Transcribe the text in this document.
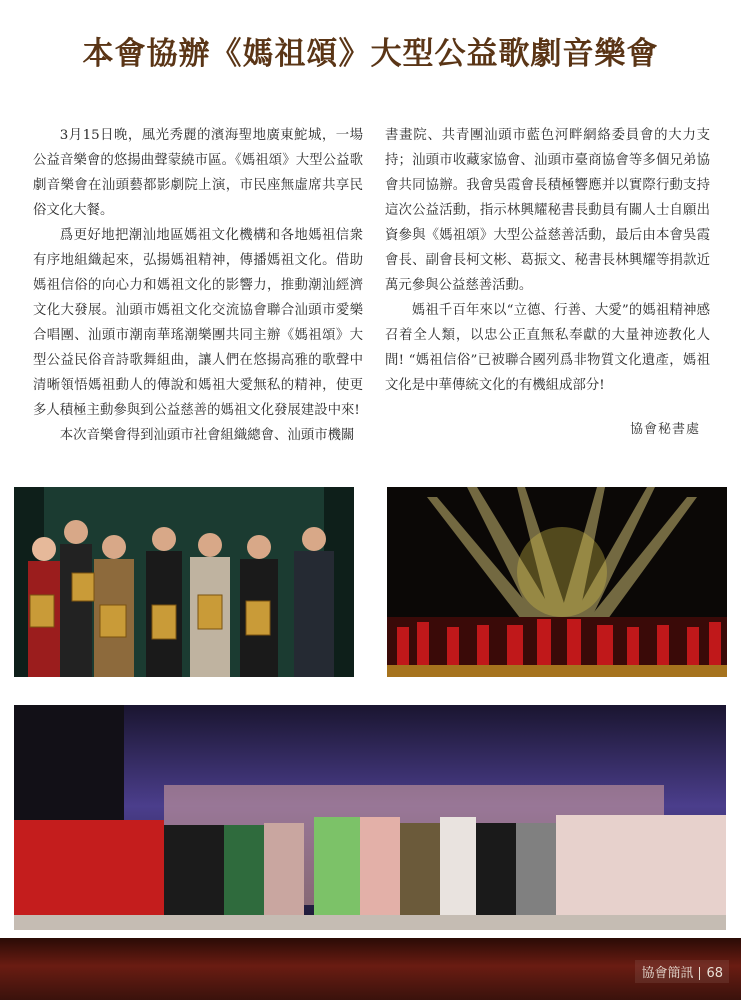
本會協辦《媽祖頌》大型公益歌劇音樂會

3月15日晚，風光秀麗的濱海聖地廣東鮀城，一場公益音樂會的悠揚曲聲蒙繞市區。《媽祖頌》大型公益歌劇音樂會在汕頭藝都影劇院上演，市民座無虛席共享民俗文化大餐。

爲更好地把潮汕地區媽祖文化機構和各地媽祖信衆有序地組織起來，弘揚媽祖精神，傳播媽祖文化。借助媽祖信俗的向心力和媽祖文化的影響力，推動潮汕經濟文化大發展。汕頭市媽祖文化交流協會聯合汕頭市愛樂合唱團、汕頭市潮南華瑤潮樂團共同主辦《媽祖頌》大型公益民俗音詩歌舞組曲，讓人們在悠揚高雅的歌聲中清晰領悟媽祖動人的傳說和媽祖大愛無私的精神，使更多人積極主動參與到公益慈善的媽祖文化發展建設中來!

本次音樂會得到汕頭市社會組織總會、汕頭市機關

書畫院、共青團汕頭市藍色河畔網絡委員會的大力支持；汕頭市收藏家協會、汕頭市臺商協會等多個兄弟協會共同協辦。我會吳霞會長積極響應并以實際行動支持這次公益活動，指示林興耀秘書長動員有關人士自願出資參與《媽祖頌》大型公益慈善活動，最后由本會吳霞會長、副會長柯文彬、葛振文、秘書長林興耀等捐款近萬元參與公益慈善活動。

媽祖千百年來以“立德、行善、大愛”的媽祖精神感召着全人類，以忠公正直無私奉獻的大量神迹教化人間! “媽祖信俗”已被聯合國列爲非物質文化遺產，媽祖文化是中華傳統文化的有機組成部分!

協會秘書處
協會簡訊 68
